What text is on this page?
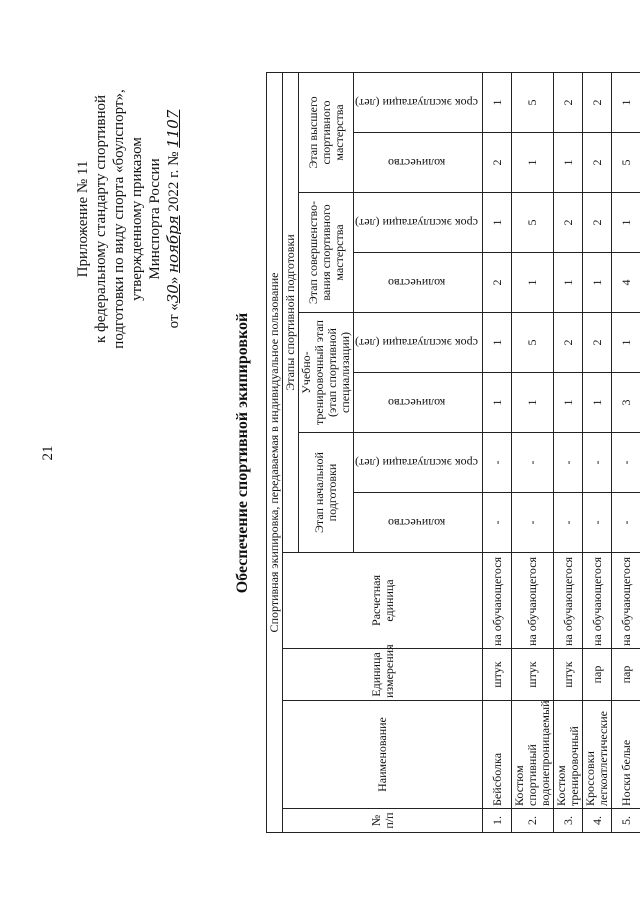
21
Приложение № 11 к федеральному стандарту спортивной подготовки по виду спорта «боулспорт», утвержденному приказом Минспорта России
от «30» ноября 2022 г. № 1107
Обеспечение спортивной экипировкой Спортивная экипировка, передаваемая в индивидуальное пользование											
№ п/п	Наименование	Единица измерения	Расчетная единица	Этапы спортивной подготовки							
				Этап начальной подготовки		Учебно-тренировочный этап (этап спортивной специализации)		Этап совершенство-вания спортивного мастерства		Этап высшего спортивного мастерства	
				количество	срок эксплуатации (лет)	количество	срок эксплуатации (лет)	количество	срок эксплуатации (лет)	количество	срок эксплуатации (лет)
1.	Бейсболка	штук	на обучающегося	-	-	1	1	2	1	2	1
2.	Костюм спортивный водонепроницаемый	штук	на обучающегося	-	-	1	5	1	5	1	5
3.	Костюм тренировочный	штук	на обучающегося	-	-	1	2	1	2	1	2
4.	Кроссовки легкоатлетические	пар	на обучающегося	-	-	1	2	1	2	2	2
5.	Носки белые	пар	на обучающегося	-	-	3	1	4	1	5	1
